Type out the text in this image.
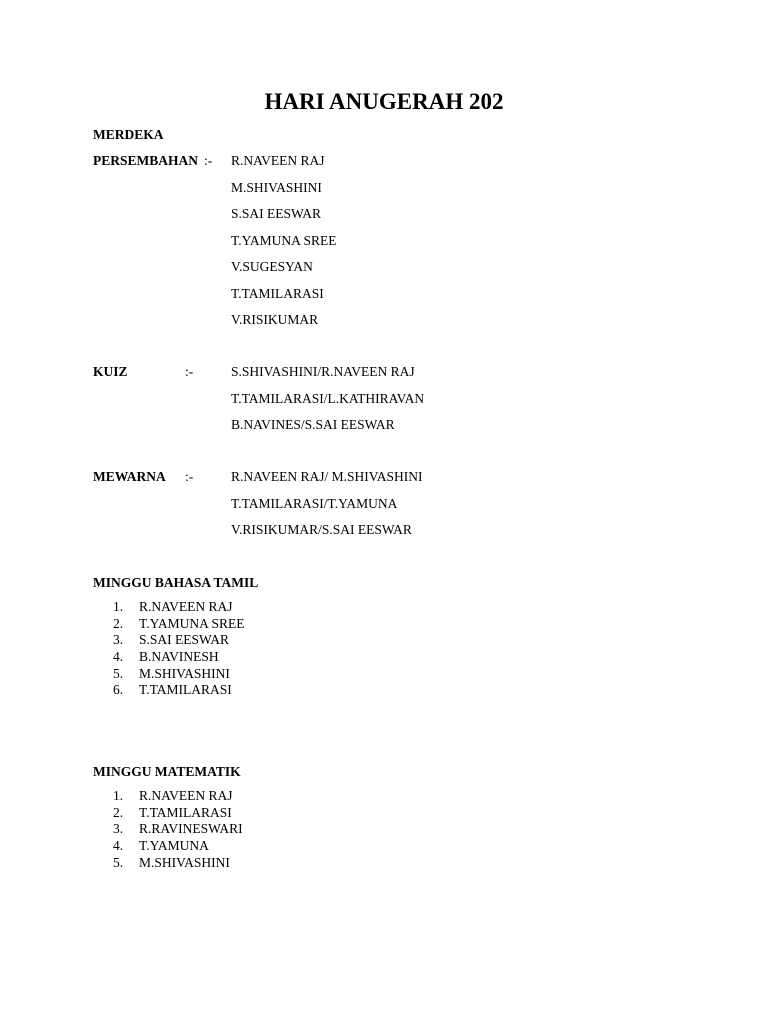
HARI ANUGERAH 202
MERDEKA
PERSEMBAHAN :- R.NAVEEN RAJ
M.SHIVASHINI
S.SAI EESWAR
T.YAMUNA SREE
V.SUGESYAN
T.TAMILARASI
V.RISIKUMAR
KUIZ	:-	S.SHIVASHINI/R.NAVEEN RAJ
T.TAMILARASI/L.KATHIRAVAN
B.NAVINES/S.SAI EESWAR
MEWARNA :-	R.NAVEEN RAJ/ M.SHIVASHINI
T.TAMILARASI/T.YAMUNA
V.RISIKUMAR/S.SAI EESWAR
MINGGU BAHASA TAMIL
1. R.NAVEEN RAJ
2. T.YAMUNA SREE
3. S.SAI EESWAR
4. B.NAVINESH
5. M.SHIVASHINI
6. T.TAMILARASI
MINGGU MATEMATIK
1. R.NAVEEN RAJ
2. T.TAMILARASI
3. R.RAVINESWARI
4. T.YAMUNA
5. M.SHIVASHINI
